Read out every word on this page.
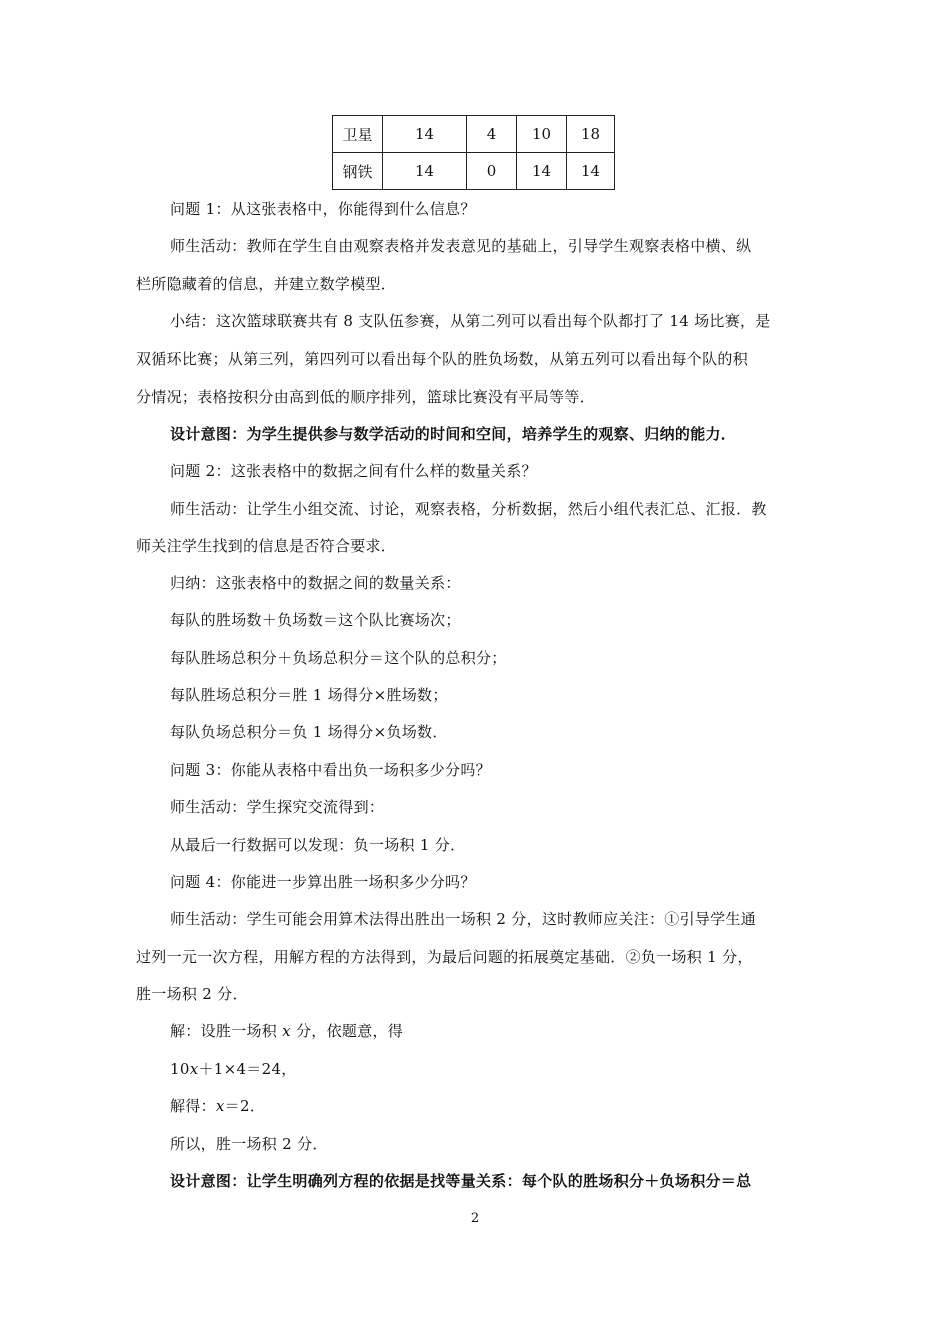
卫星	14	4	10	18
钢铁	14	0	14	14
问题 1：从这张表格中，你能得到什么信息？
师生活动：教师在学生自由观察表格并发表意见的基础上，引导学生观察表格中横、纵
栏所隐藏着的信息，并建立数学模型．
小结：这次篮球联赛共有 8 支队伍参赛，从第二列可以看出每个队都打了 14 场比赛，是
双循环比赛；从第三列，第四列可以看出每个队的胜负场数，从第五列可以看出每个队的积
分情况；表格按积分由高到低的顺序排列，篮球比赛没有平局等等．
设计意图：为学生提供参与数学活动的时间和空间，培养学生的观察、归纳的能力．
问题 2：这张表格中的数据之间有什么样的数量关系？
师生活动：让学生小组交流、讨论，观察表格，分析数据，然后小组代表汇总、汇报．教
师关注学生找到的信息是否符合要求．
归纳：这张表格中的数据之间的数量关系：
每队的胜场数＋负场数＝这个队比赛场次；
每队胜场总积分＋负场总积分＝这个队的总积分；
每队胜场总积分＝胜 1 场得分×胜场数；
每队负场总积分＝负 1 场得分×负场数．
问题 3：你能从表格中看出负一场积多少分吗？
师生活动：学生探究交流得到：
从最后一行数据可以发现：负一场积 1 分．
问题 4：你能进一步算出胜一场积多少分吗？
师生活动：学生可能会用算术法得出胜出一场积 2 分，这时教师应关注：①引导学生通
过列一元一次方程，用解方程的方法得到，为最后问题的拓展奠定基础．②负一场积 1 分，
胜一场积 2 分．
解：设胜一场积 x 分，依题意，得
10x＋1×4＝24，
解得：x＝2．
所以，胜一场积 2 分．
设计意图：让学生明确列方程的依据是找等量关系：每个队的胜场积分＋负场积分＝总
2
